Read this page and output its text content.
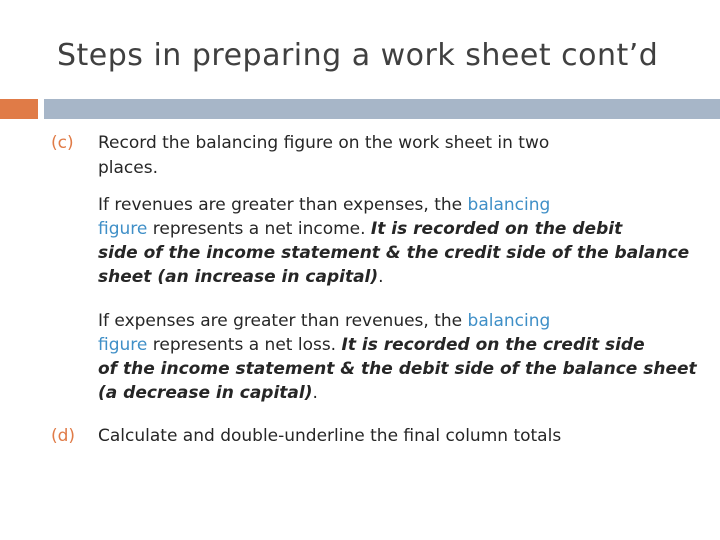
Steps in preparing a work sheet cont’d
(c) Record the balancing figure on the work sheet in two
places.
If revenues are greater than expenses, the balancing
figure represents a net income. It is recorded on the debit
side of the income statement & the credit side of the balance
sheet (an increase in capital).
If expenses are greater than revenues, the balancing
figure represents a net loss. It is recorded on the credit side
of the income statement & the debit side of the balance sheet
(a decrease in capital).
(d) Calculate and double-underline the final column totals
